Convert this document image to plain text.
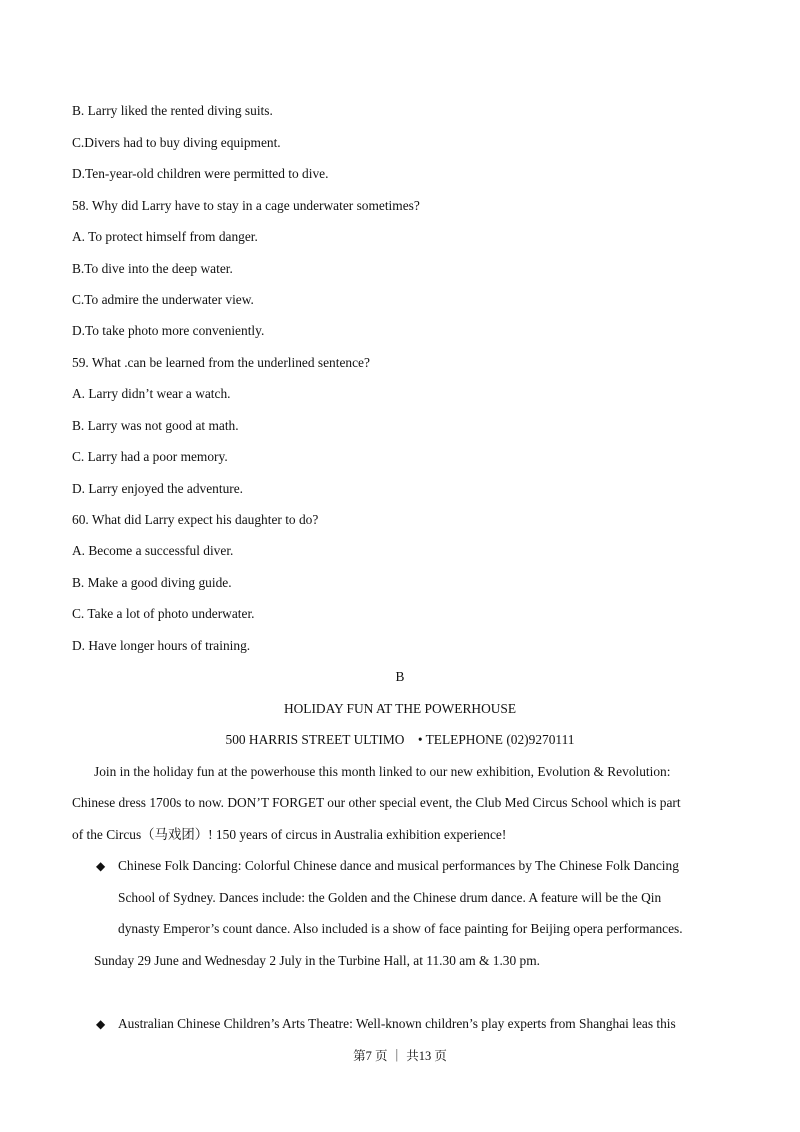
B. Larry liked the rented diving suits.
C.Divers had to buy diving equipment.
D.Ten-year-old children were permitted to dive.
58. Why did Larry have to stay in a cage underwater sometimes?
A. To protect himself from danger.
B.To dive into the deep water.
C.To admire the underwater view.
D.To take photo more conveniently.
59. What .can be learned from the underlined sentence?
A. Larry didn’t wear a watch.
B. Larry was not good at math.
C. Larry had a poor memory.
D. Larry enjoyed the adventure.
60. What did Larry expect his daughter to do?
A. Become a successful diver.
B. Make a good diving guide.
C. Take a lot of photo underwater.
D. Have longer hours of training.
B
HOLIDAY FUN AT THE POWERHOUSE
500 HARRIS STREET ULTIMO    • TELEPHONE (02)9270111
Join in the holiday fun at the powerhouse this month linked to our new exhibition, Evolution & Revolution:
Chinese dress 1700s to now. DON’T FORGET our other special event, the Club Med Circus School which is part
of the Circus（马戏团）! 150 years of circus in Australia exhibition experience!
◆ Chinese Folk Dancing: Colorful Chinese dance and musical performances by The Chinese Folk Dancing
School of Sydney. Dances include: the Golden and the Chinese drum dance. A feature will be the Qin
dynasty Emperor’s count dance. Also included is a show of face painting for Beijing opera performances.
Sunday 29 June and Wednesday 2 July in the Turbine Hall, at 11.30 am & 1.30 pm.
◆ Australian Chinese Children’s Arts Theatre: Well-known children’s play experts from Shanghai leas this
第7 页 ｜ 共13 页
